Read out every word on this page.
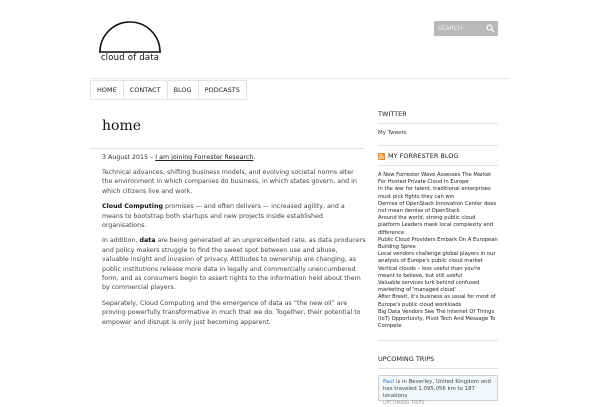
cloud of data
SEARCH
HOME	CONTACT	BLOG	PODCASTS
home
3 August 2015 – I am joining Forrester Research.

Technical advances, shifting business models, and evolving societal norms alter the environment in which companies do business, in which states govern, and in which citizens live and work.

Cloud Computing promises — and often delivers — increased agility, and a means to bootstrap both startups and new projects inside established organisations.

In addition, data are being generated at an unprecedented rate, as data producers and policy makers struggle to find the sweet spot between use and abuse, valuable insight and invasion of privacy. Attitudes to ownership are changing, as public institutions release more data in legally and commercially unencumbered form, and as consumers begin to assert rights to the information held about them by commercial players.

Separately, Cloud Computing and the emergence of data as “the new oil” are proving powerfully transformative in much that we do. Together, their potential to empower and disrupt is only just becoming apparent.

TWITTER
My Tweets
MY FORRESTER BLOG
A New Forrester Wave Assesses The Market For Hosted Private Cloud In Europe
In the war for talent, traditional enterprises must pick fights they can win
Demise of OpenStack Innovation Center does not mean demise of OpenStack
Around the world, strong public cloud platform Leaders mask local complexity and difference
Public Cloud Providers Embark On A European Building Spree
Local vendors challenge global players in our analysis of Europe's public cloud market
Vertical clouds – less useful than you're meant to believe, but still useful
Valuable services lurk behind confused marketing of 'managed cloud'
After Brexit, it's business as usual for most of Europe's public cloud workloads
Big Data Vendors See The Internet Of Things (IoT) Opportunity, Pivot Tech And Message To Compete
UPCOMING TRIPS
Paul is in Beverley, United Kingdom and has traveled 1,095,056 km to 187 locations
UPCOMING TRIPS
